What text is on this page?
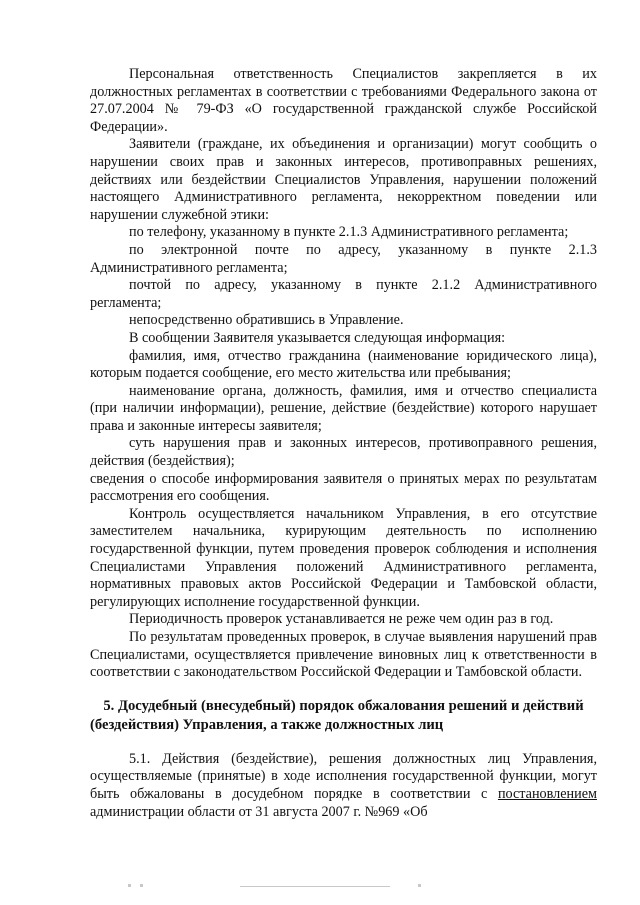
Персональная ответственность Специалистов закрепляется в их должностных регламентах в соответствии с требованиями Федерального закона от 27.07.2004 № 79-ФЗ «О государственной гражданской службе Российской Федерации».

Заявители (граждане, их объединения и организации) могут сообщить о нарушении своих прав и законных интересов, противоправных решениях, действиях или бездействии Специалистов Управления, нарушении положений настоящего Административного регламента, некорректном поведении или нарушении служебной этики:

по телефону, указанному в пункте 2.1.3 Административного регламента;

по электронной почте по адресу, указанному в пункте 2.1.3 Административного регламента;

почтой по адресу, указанному в пункте 2.1.2 Административного регламента;

непосредственно обратившись в Управление.

В сообщении Заявителя указывается следующая информация:

фамилия, имя, отчество гражданина (наименование юридического лица), которым подается сообщение, его место жительства или пребывания;

наименование органа, должность, фамилия, имя и отчество специалиста (при наличии информации), решение, действие (бездействие) которого нарушает права и законные интересы заявителя;

суть нарушения прав и законных интересов, противоправного решения, действия (бездействия);

сведения о способе информирования заявителя о принятых мерах по результатам рассмотрения его сообщения.

Контроль осуществляется начальником Управления, в его отсутствие заместителем начальника, курирующим деятельность по исполнению государственной функции, путем проведения проверок соблюдения и исполнения Специалистами Управления положений Административного регламента, нормативных правовых актов Российской Федерации и Тамбовской области, регулирующих исполнение государственной функции.

Периодичность проверок устанавливается не реже чем один раз в год.

По результатам проведенных проверок, в случае выявления нарушений прав Специалистами, осуществляется привлечение виновных лиц к ответственности в соответствии с законодательством Российской Федерации и Тамбовской области.

5. Досудебный (внесудебный) порядок обжалования решений и действий (бездействия) Управления, а также должностных лиц

5.1. Действия (бездействие), решения должностных лиц Управления, осуществляемые (принятые) в ходе исполнения государственной функции, могут быть обжалованы в досудебном порядке в соответствии с постановлением администрации области от 31 августа 2007 г. №969 «Об
